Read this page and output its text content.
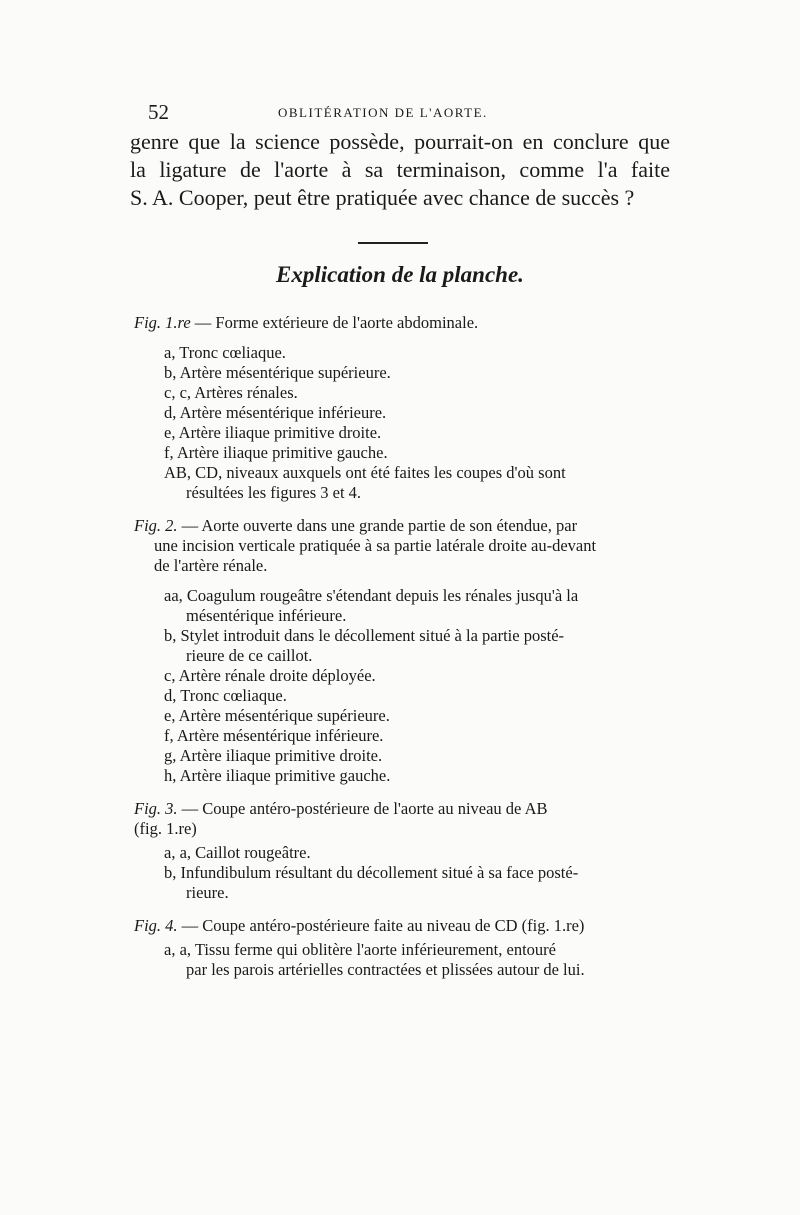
52	OBLITÉRATION DE L'AORTE.
genre que la science possède, pourrait-on en conclure que
la ligature de l'aorte à sa terminaison, comme l'a faite
S. A. Cooper, peut être pratiquée avec chance de succès ?
Explication de la planche.
Fig. 1.re — Forme extérieure de l'aorte abdominale.
a, Tronc cœliaque.
b, Artère mésentérique supérieure.
c, c, Artères rénales.
d, Artère mésentérique inférieure.
e, Artère iliaque primitive droite.
f, Artère iliaque primitive gauche.
AB, CD, niveaux auxquels ont été faites les coupes d'où sont
résultées les figures 3 et 4.
Fig. 2. — Aorte ouverte dans une grande partie de son étendue, par
une incision verticale pratiquée à sa partie latérale droite au-devant
de l'artère rénale.
aa, Coagulum rougeâtre s'étendant depuis les rénales jusqu'à la
mésentérique inférieure.
b, Stylet introduit dans le décollement situé à la partie posté-
rieure de ce caillot.
c, Artère rénale droite déployée.
d, Tronc cœliaque.
e, Artère mésentérique supérieure.
f, Artère mésentérique inférieure.
g, Artère iliaque primitive droite.
h, Artère iliaque primitive gauche.
Fig. 3. — Coupe antéro-postérieure de l'aorte au niveau de AB
(fig. 1.re)
a, a, Caillot rougeâtre.
b, Infundibulum résultant du décollement situé à sa face posté-
rieure.
Fig. 4. — Coupe antéro-postérieure faite au niveau de CD (fig. 1.re)
a, a, Tissu ferme qui oblitère l'aorte inférieurement, entouré
par les parois artérielles contractées et plissées autour de lui.
